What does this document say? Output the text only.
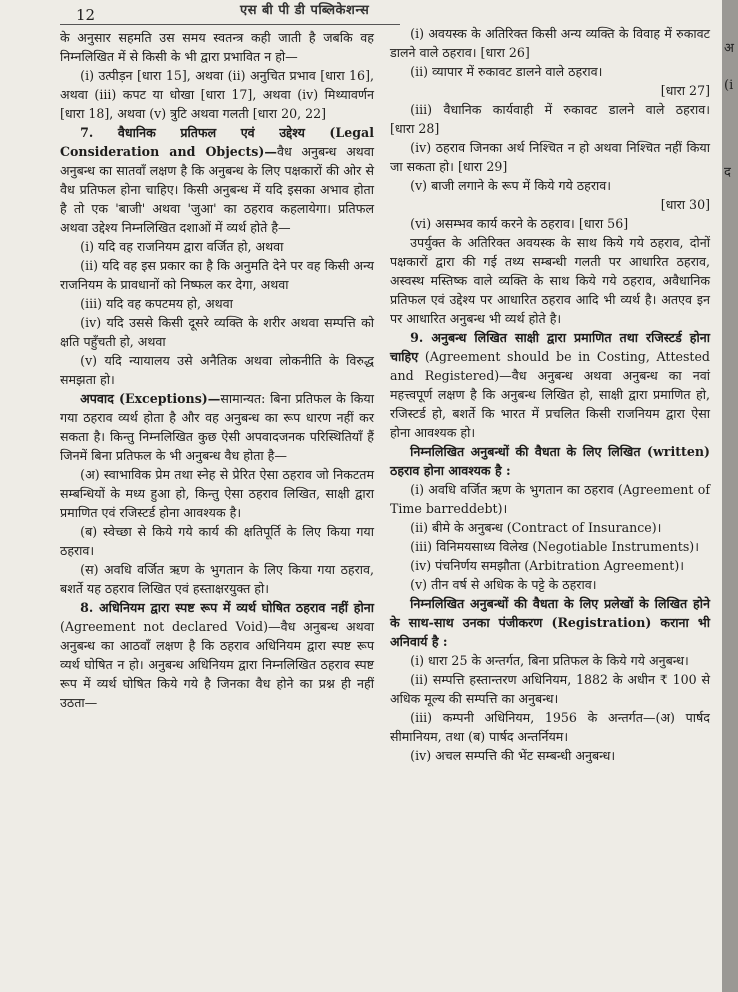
12	एस बी पी डी पब्लिकेशन्स

के अनुसार सहमति उस समय स्वतन्त्र कही जाती है जबकि वह निम्नलिखित में से किसी के भी द्वारा प्रभावित न हो—

(i) उत्पीड़न [धारा 15], अथवा (ii) अनुचित प्रभाव [धारा 16], अथवा (iii) कपट या धोखा [धारा 17], अथवा (iv) मिथ्यावर्णन [धारा 18], अथवा (v) त्रुटि अथवा गलती [धारा 20, 22]

7. वैधानिक प्रतिफल एवं उद्देश्य (Legal Consideration and Objects)—वैध अनुबन्ध अथवा अनुबन्ध का सातवाँ लक्षण है कि अनुबन्ध के लिए पक्षकारों की ओर से वैध प्रतिफल होना चाहिए। किसी अनुबन्ध में यदि इसका अभाव होता है तो एक 'बाजी' अथवा 'जुआ' का ठहराव कहलायेगा। प्रतिफल अथवा उद्देश्य निम्नलिखित दशाओं में व्यर्थ होते है—

(i) यदि वह राजनियम द्वारा वर्जित हो, अथवा

(ii) यदि वह इस प्रकार का है कि अनुमति देने पर वह किसी अन्य राजनियम के प्रावधानों को निष्फल कर देगा, अथवा

(iii) यदि वह कपटमय हो, अथवा

(iv) यदि उससे किसी दूसरे व्यक्ति के शरीर अथवा सम्पत्ति को क्षति पहुँचती हो, अथवा

(v) यदि न्यायालय उसे अनैतिक अथवा लोकनीति के विरुद्ध समझता हो।

अपवाद (Exceptions)—सामान्यत: बिना प्रतिफल के किया गया ठहराव व्यर्थ होता है और वह अनुबन्ध का रूप धारण नहीं कर सकता है। किन्तु निम्नलिखित कुछ ऐसी अपवादजनक परिस्थितियाँ हैं जिनमें बिना प्रतिफल के भी अनुबन्ध वैध होता है—

(अ) स्वाभाविक प्रेम तथा स्नेह से प्रेरित ऐसा ठहराव जो निकटतम सम्बन्धियों के मध्य हुआ हो, किन्तु ऐसा ठहराव लिखित, साक्षी द्वारा प्रमाणित एवं रजिस्टर्ड होना आवश्यक है।

(ब) स्वेच्छा से किये गये कार्य की क्षतिपूर्ति के लिए किया गया ठहराव।

(स) अवधि वर्जित ऋण के भुगतान के लिए किया गया ठहराव, बशर्ते यह ठहराव लिखित एवं हस्ताक्षरयुक्त हो।

8. अधिनियम द्वारा स्पष्ट रूप में व्यर्थ घोषित ठहराव नहीं होना (Agreement not declared Void)—वैध अनुबन्ध अथवा अनुबन्ध का आठवाँ लक्षण है कि ठहराव अधिनियम द्वारा स्पष्ट रूप व्यर्थ घोषित न हो। अनुबन्ध अधिनियम द्वारा निम्नलिखित ठहराव स्पष्ट रूप में व्यर्थ घोषित किये गये है जिनका वैध होने का प्रश्न ही नहीं उठता—

(i) अवयस्क के अतिरिक्त किसी अन्य व्यक्ति के विवाह में रुकावट डालने वाले ठहराव। [धारा 26]

(ii) व्यापार में रुकावट डालने वाले ठहराव।

[धारा 27]

(iii) वैधानिक कार्यवाही में रुकावट डालने वाले ठहराव। [धारा 28]

(iv) ठहराव जिनका अर्थ निश्चित न हो अथवा निश्चित नहीं किया जा सकता हो। [धारा 29]

(v) बाजी लगाने के रूप में किये गये ठहराव।

[धारा 30]

(vi) असम्भव कार्य करने के ठहराव। [धारा 56]

उपर्युक्त के अतिरिक्त अवयस्क के साथ किये गये ठहराव, दोनों पक्षकारों द्वारा की गई तथ्य सम्बन्धी गलती पर आधारित ठहराव, अस्वस्थ मस्तिष्क वाले व्यक्ति के साथ किये गये ठहराव, अवैधानिक प्रतिफल एवं उद्देश्य पर आधारित ठहराव आदि भी व्यर्थ है। अतएव इन पर आधारित अनुबन्ध भी व्यर्थ होते है।

9. अनुबन्ध लिखित साक्षी द्वारा प्रमाणित तथा रजिस्टर्ड होना चाहिए (Agreement should be in Costing, Attested and Registered)—वैध अनुबन्ध अथवा अनुबन्ध का नवां महत्त्वपूर्ण लक्षण है कि अनुबन्ध लिखित हो, साक्षी द्वारा प्रमाणित हो, रजिस्टर्ड हो, बशर्ते कि भारत में प्रचलित किसी राजनियम द्वारा ऐसा होना आवश्यक हो।

निम्नलिखित अनुबन्धों की वैधता के लिए लिखित (written) ठहराव होना आवश्यक है :

(i) अवधि वर्जित ऋण के भुगतान का ठहराव (Agreement of Time barreddebt)।

(ii) बीमे के अनुबन्ध (Contract of Insurance)।

(iii) विनिमयसाध्य विलेख (Negotiable Instruments)।

(iv) पंचनिर्णय समझौता (Arbitration Agreement)।

(v) तीन वर्ष से अधिक के पट्टे के ठहराव।

निम्नलिखित अनुबन्धों की वैधता के लिए प्रलेखों के लिखित होने के साथ-साथ उनका पंजीकरण (Registration) कराना भी अनिवार्य है :

(i) धारा 25 के अन्तर्गत, बिना प्रतिफल के किये गये अनुबन्ध।

(ii) सम्पत्ति हस्तान्तरण अधिनियम, 1882 के अधीन ₹ 100 से अधिक मूल्य की सम्पत्ति का अनुबन्ध।

(iii) कम्पनी अधिनियम, 1956 के अन्तर्गत—(अ) पार्षद सीमानियम, तथा (ब) पार्षद अन्तर्नियम।

(iv) अचल सम्पत्ति की भेंट सम्बन्धी अनुबन्ध।

अ
(i
द
